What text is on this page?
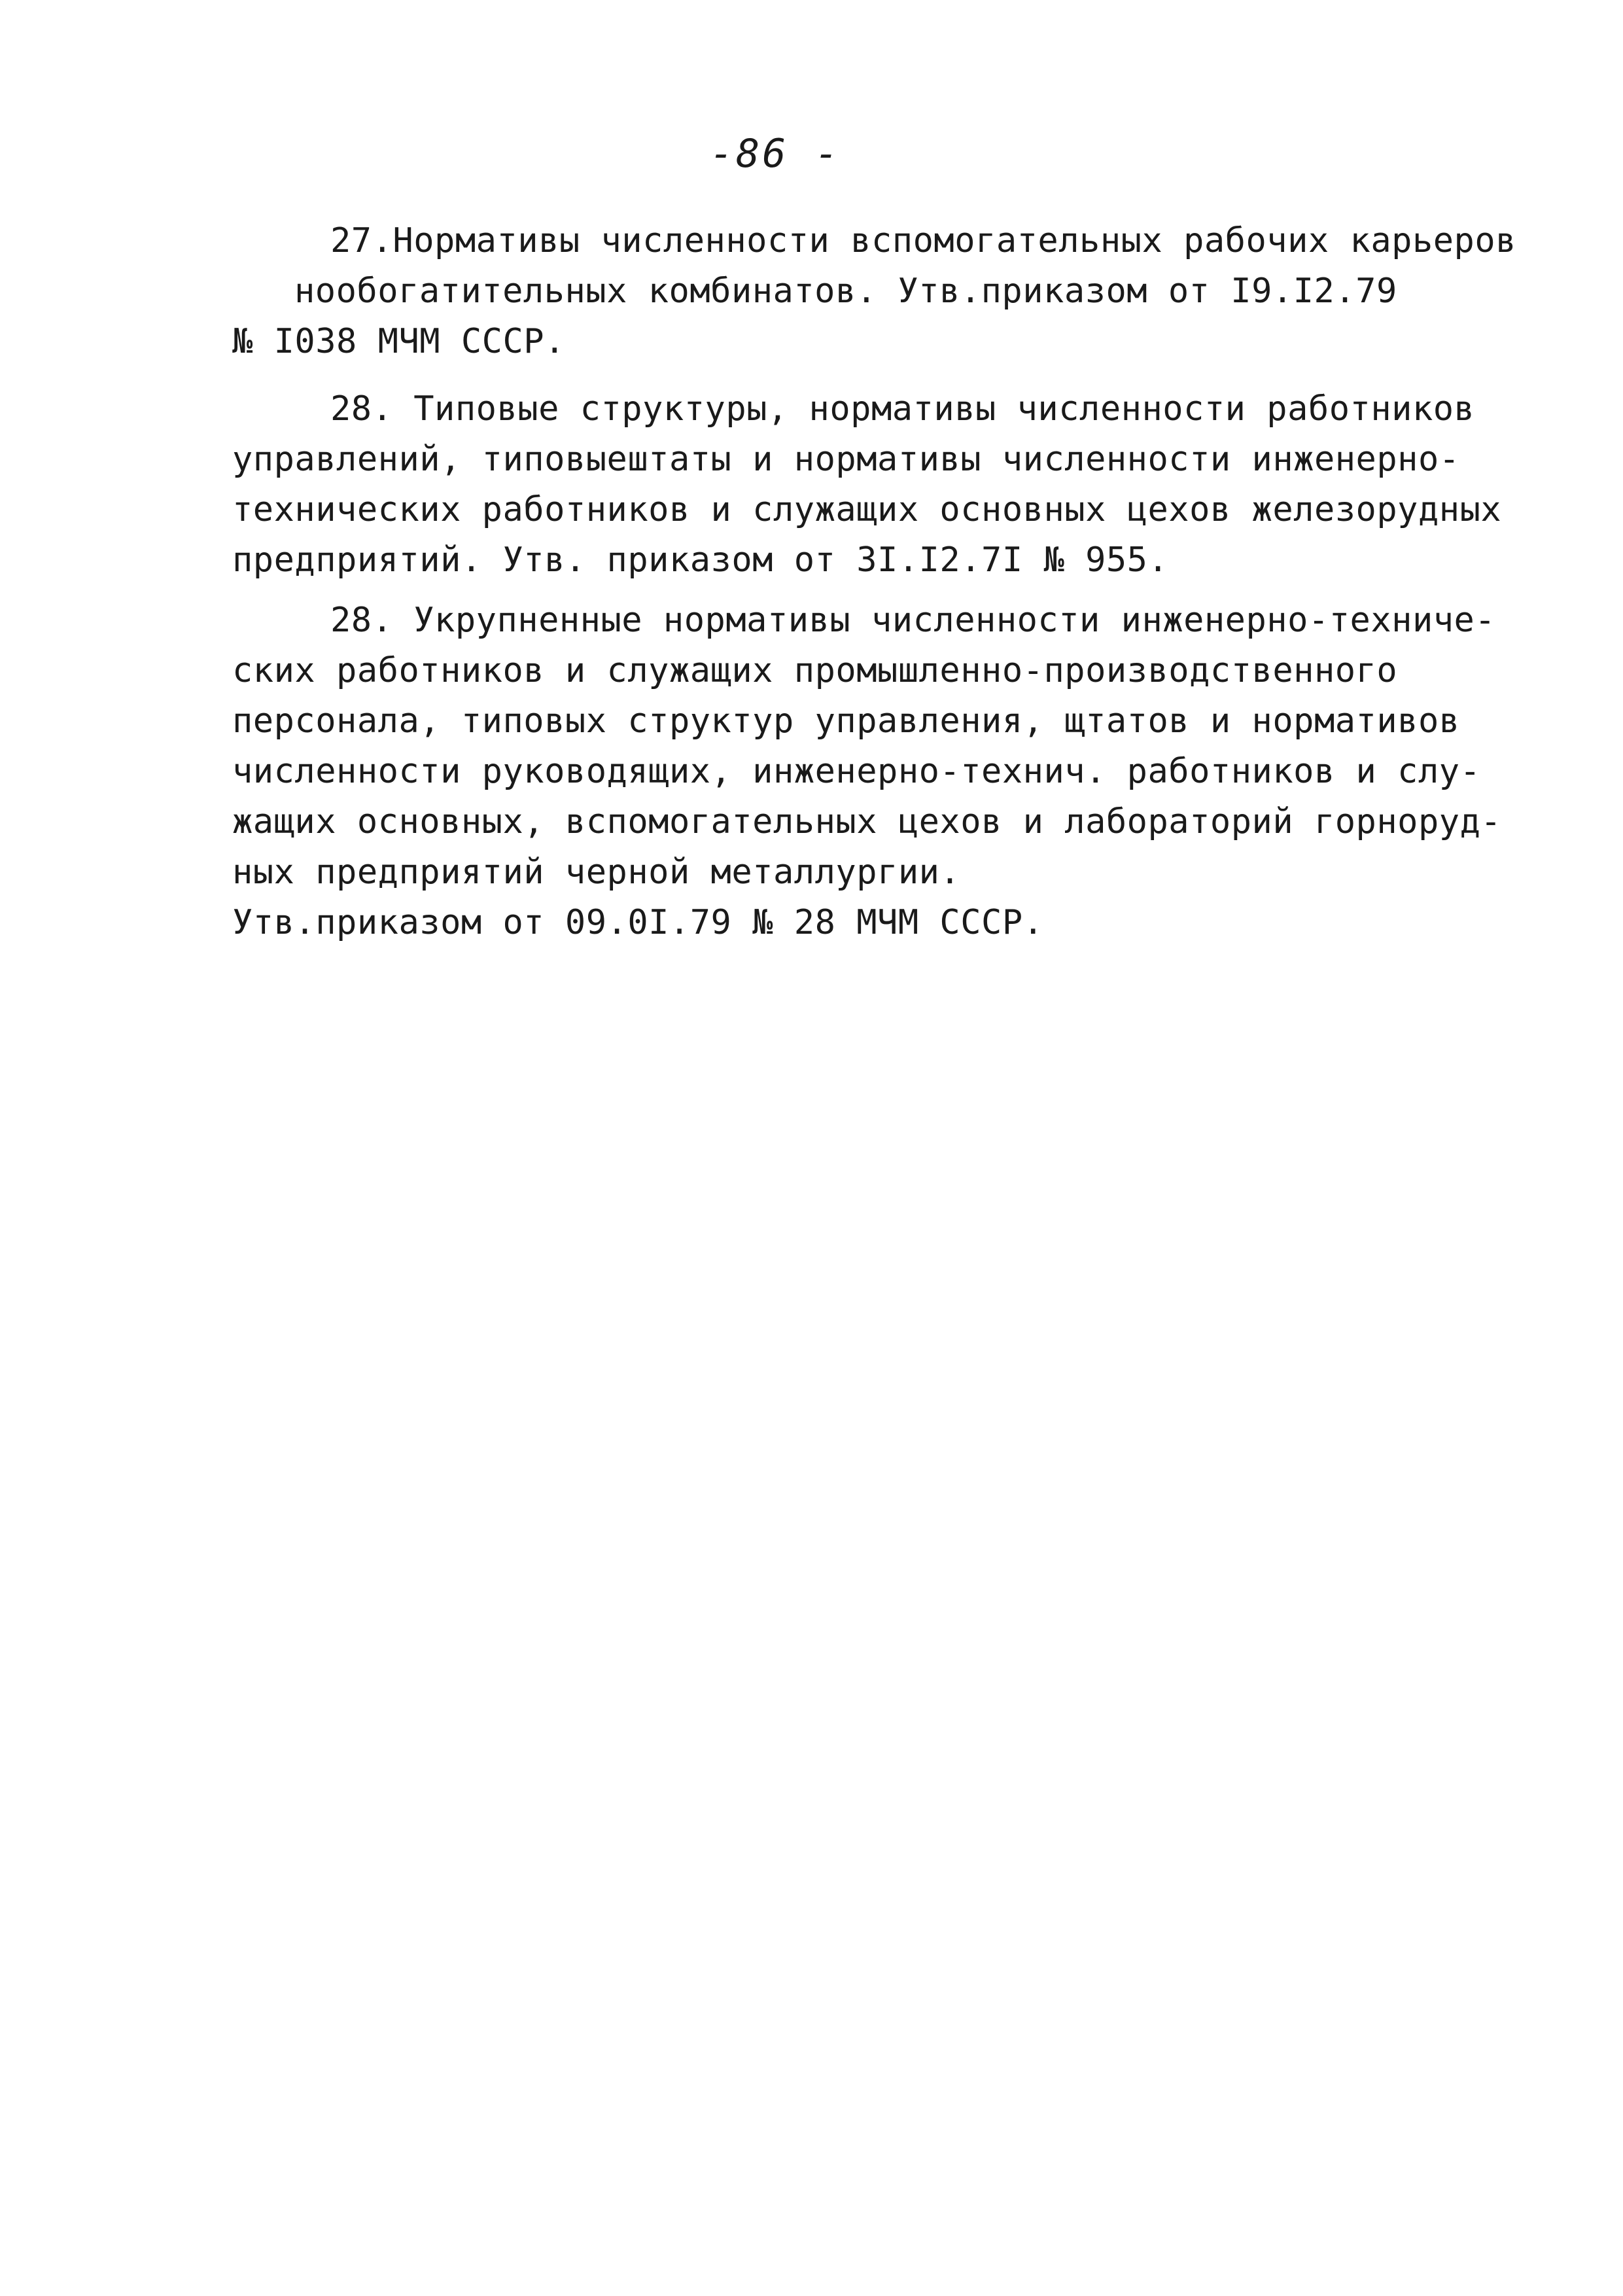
-86 -
27.Нормативы численности вспомогательных рабочих карьеров
нообогатительных комбинатов. Утв.приказом от I9.I2.79
№ I038 МЧМ СССР.
28. Типовые структуры, нормативы численности работников
управлений, типовыештаты и нормативы численности инженерно-
технических работников и служащих основных цехов железорудных
предприятий. Утв. приказом от 3I.I2.7I № 955.
28. Укрупненные нормативы численности инженерно-техниче-
ских работников и служащих промышленно-производственного
персонала, типовых структур управления, щтатов и нормативов
численности руководящих, инженерно-технич. работников и слу-
жащих основных, вспомогательных цехов и лабораторий горноруд-
ных предприятий черной металлургии.
Утв.приказом от 09.0I.79 № 28 МЧМ СССР.
